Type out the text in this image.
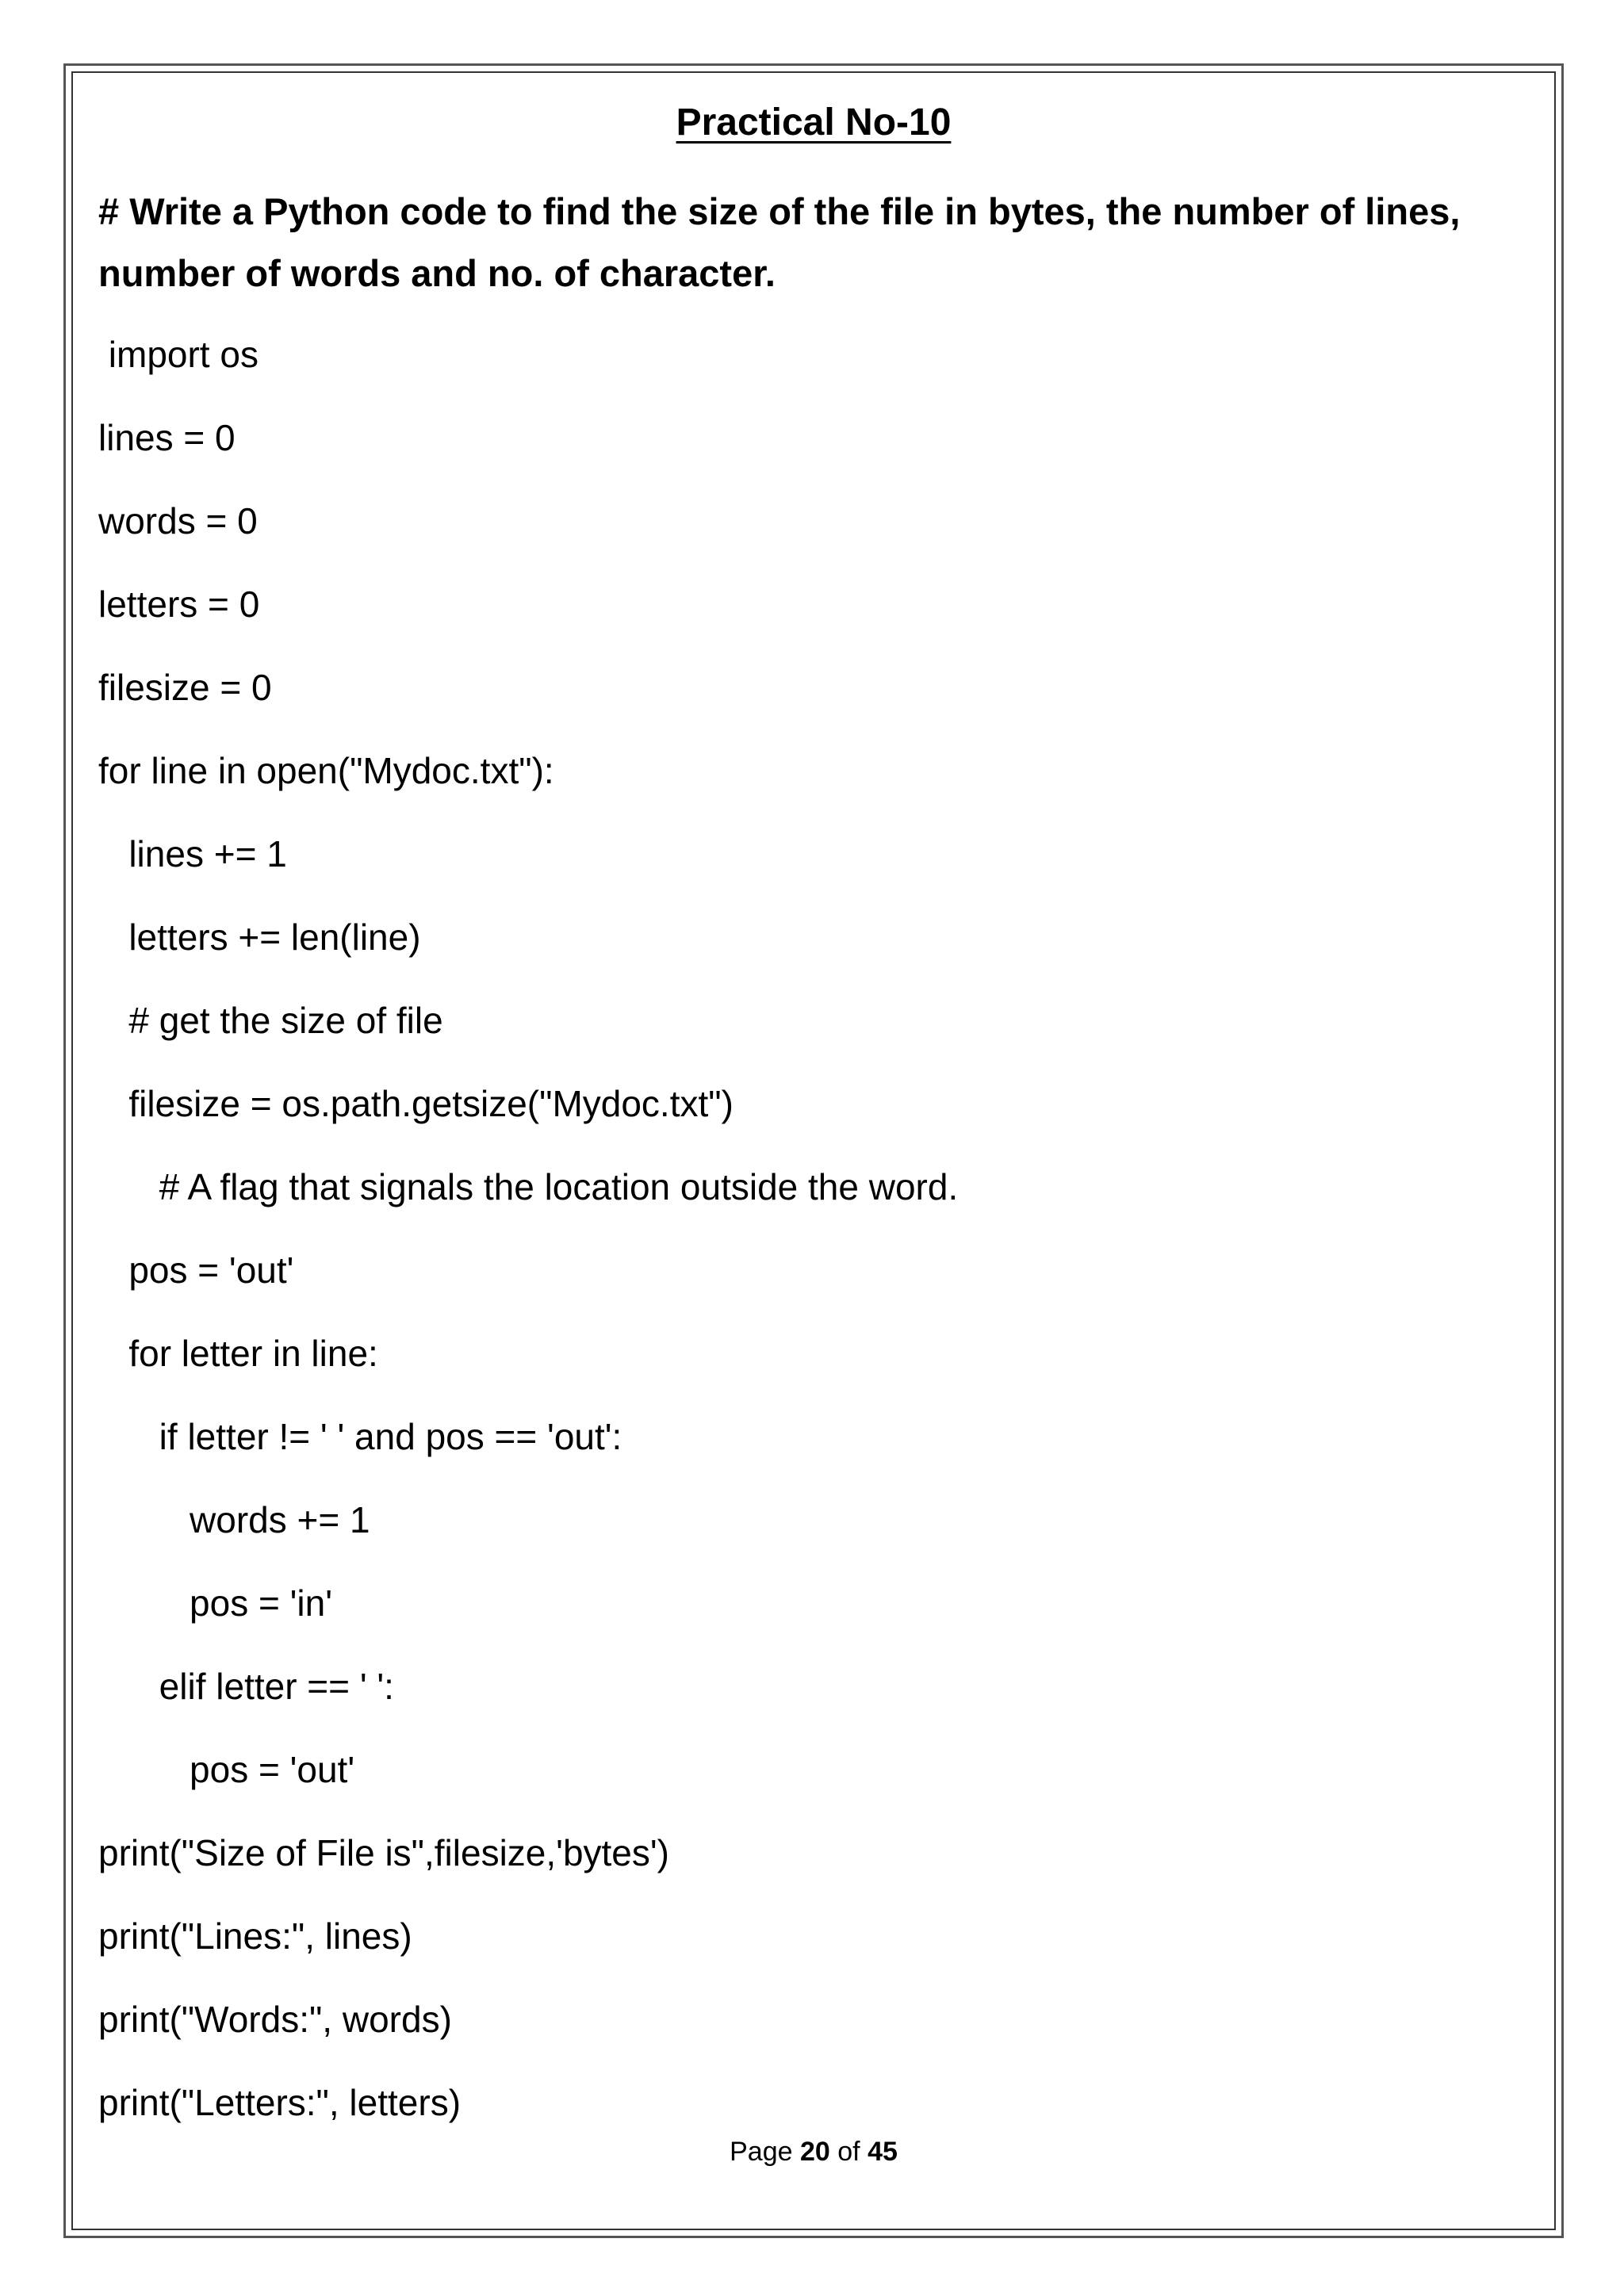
Practical No-10
# Write a Python code to find the size of the file in bytes, the number of lines, number of words and no. of character.
import os
lines = 0
words = 0
letters = 0
filesize = 0
for line in open("Mydoc.txt"):
lines += 1
letters += len(line)
# get the size of file
filesize = os.path.getsize("Mydoc.txt")
# A flag that signals the location outside the word.
pos = 'out'
for letter in line:
if letter != ' ' and pos == 'out':
words += 1
pos = 'in'
elif letter == ' ':
pos = 'out'
print("Size of File is",filesize,'bytes')
print("Lines:", lines)
print("Words:", words)
print("Letters:", letters)
Page 20 of 45
